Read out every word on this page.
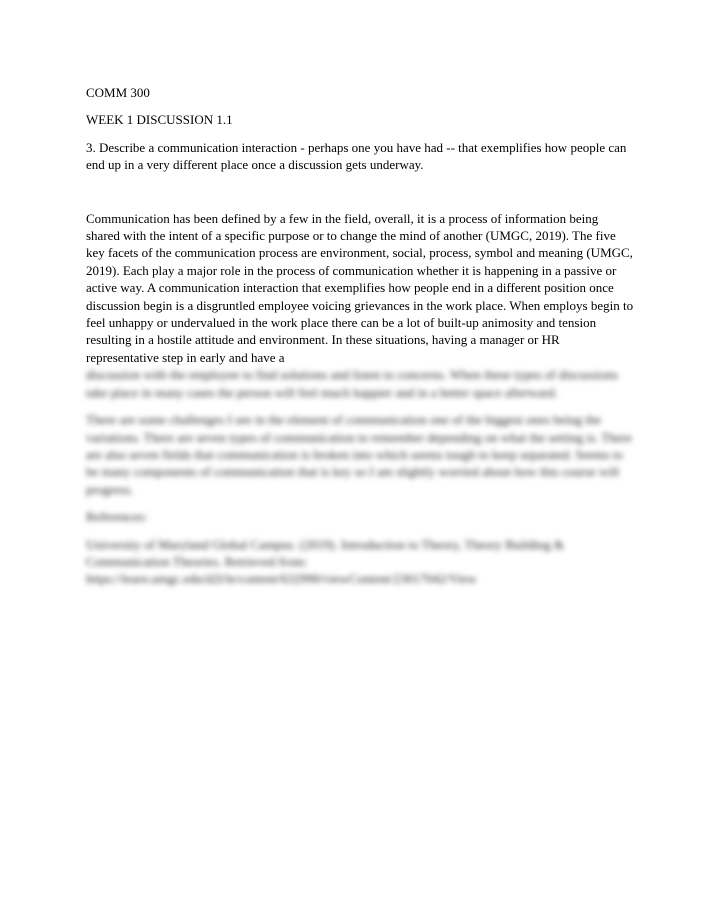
COMM 300

WEEK 1 DISCUSSION 1.1

3. Describe a communication interaction - perhaps one you have had -- that exemplifies how people can end up in a very different place once a discussion gets underway.

Communication has been defined by a few in the field, overall, it is a process of information being shared with the intent of a specific purpose or to change the mind of another (UMGC, 2019). The five key facets of the communication process are environment, social, process, symbol and meaning (UMGC, 2019). Each play a major role in the process of communication whether it is happening in a passive or active way. A communication interaction that exemplifies how people end in a different position once discussion begin is a disgruntled employee voicing grievances in the work place. When employs begin to feel unhappy or undervalued in the work place there can be a lot of built-up animosity and tension resulting in a hostile attitude and environment. In these situations, having a manager or HR representative step in early and have a

discussion with the employee to find solutions and listen to concerns. When these types of discussions take place in many cases the person will feel much happier and in a better space afterward.

There are some challenges I see in the element of communication one of the biggest ones being the variations. There are seven types of communication to remember depending on what the setting is. There are also seven fields that communication is broken into which seems tough to keep separated. Seems to be many components of communication that is key so I am slightly worried about how this course will progress.

References:

University of Maryland Global Campus. (2019). Introduction to Theory, Theory Building & Communication Theories. Retrieved from: https://learn.umgc.edu/d2l/le/content/632990/viewContent/23017042/View
